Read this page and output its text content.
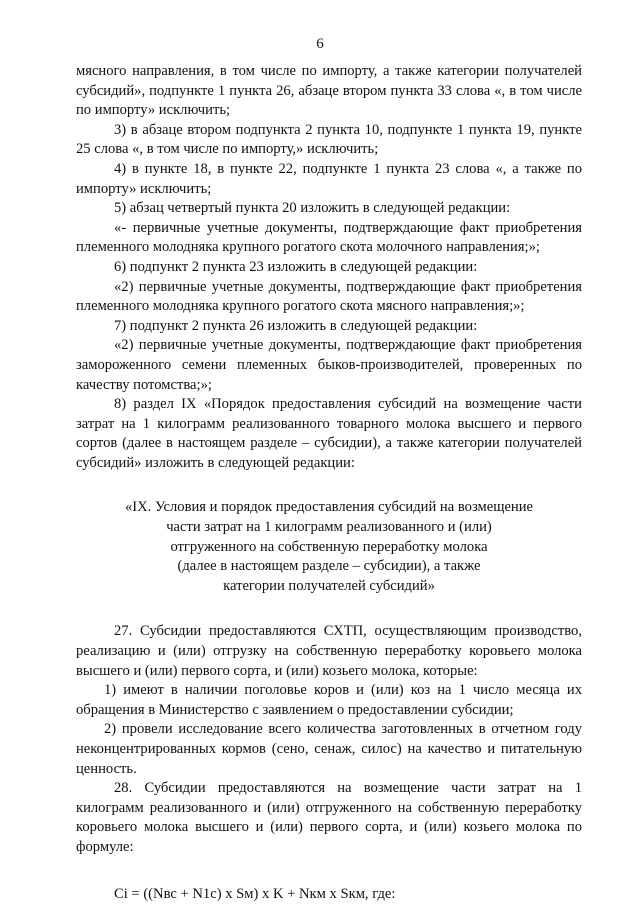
6

мясного направления, в том числе по импорту, а также категории получателей субсидий», подпункте 1 пункта 26, абзаце втором пункта 33 слова «, в том числе по импорту» исключить;

3) в абзаце втором подпункта 2 пункта 10, подпункте 1 пункта 19, пункте 25 слова «, в том числе по импорту,» исключить;

4) в пункте 18, в пункте 22, подпункте 1 пункта 23 слова «, а также по импорту» исключить;

5) абзац четвертый пункта 20 изложить в следующей редакции:

«- первичные учетные документы, подтверждающие факт приобретения племенного молодняка крупного рогатого скота молочного направления;»;

6) подпункт 2 пункта 23 изложить в следующей редакции:

«2) первичные учетные документы, подтверждающие факт приобретения племенного молодняка крупного рогатого скота мясного направления;»;

7) подпункт 2 пункта 26 изложить в следующей редакции:

«2) первичные учетные документы, подтверждающие факт приобретения замороженного семени племенных быков-производителей, проверенных по качеству потомства;»;

8) раздел IX «Порядок предоставления субсидий на возмещение части затрат на 1 килограмм реализованного товарного молока высшего и первого сортов (далее в настоящем разделе – субсидии), а также категории получателей субсидий» изложить в следующей редакции:

«IX. Условия и порядок предоставления субсидий на возмещение
части затрат на 1 килограмм реализованного и (или)
отгруженного на собственную переработку молока
(далее в настоящем разделе – субсидии), а также
категории получателей субсидий»

27. Субсидии предоставляются СХТП, осуществляющим производство, реализацию и (или) отгрузку на собственную переработку коровьего молока высшего и (или) первого сорта, и (или) козьего молока, которые:

1) имеют в наличии поголовье коров и (или) коз на 1 число месяца их обращения в Министерство с заявлением о предоставлении субсидии;

2) провели исследование всего количества заготовленных в отчетном году неконцентрированных кормов (сено, сенаж, силос) на качество и питательную ценность.

28. Субсидии предоставляются на возмещение части затрат на 1 килограмм реализованного и (или) отгруженного на собственную переработку коровьего молока высшего и (или) первого сорта, и (или) козьего молока по формуле:

Ci = ((Nвс + N1c) x Sм) x K + Nкм x Sкм, где:
